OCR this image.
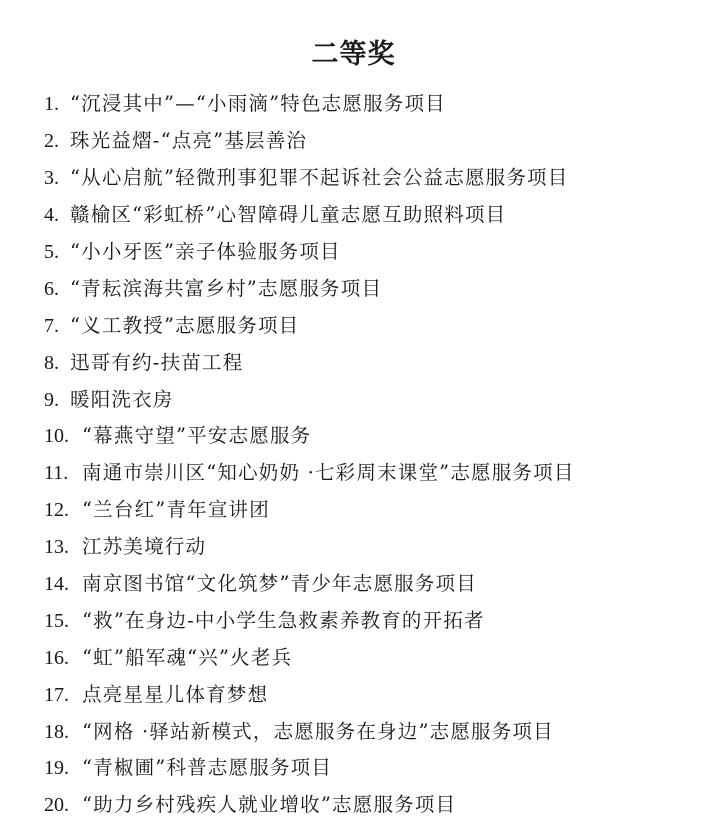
二等奖
1. “沉浸其中”—“小雨滴”特色志愿服务项目
2. 珠光益熠-“点亮”基层善治
3. “从心启航”轻微刑事犯罪不起诉社会公益志愿服务项目
4. 赣榆区“彩虹桥”心智障碍儿童志愿互助照料项目
5. “小小牙医”亲子体验服务项目
6. “青耘滨海共富乡村”志愿服务项目
7. “义工教授”志愿服务项目
8. 迅哥有约-扶苗工程
9. 暖阳洗衣房
10. “幕燕守望”平安志愿服务
11. 南通市崇川区“知心奶奶 ·七彩周末课堂”志愿服务项目
12. “兰台红”青年宣讲团
13. 江苏美境行动
14. 南京图书馆“文化筑梦”青少年志愿服务项目
15. “救”在身边-中小学生急救素养教育的开拓者
16. “虹”船军魂“兴”火老兵
17. 点亮星星儿体育梦想
18. “网格 ·驿站新模式，志愿服务在身边”志愿服务项目
19. “青椒圃”科普志愿服务项目
20. “助力乡村残疾人就业增收”志愿服务项目
